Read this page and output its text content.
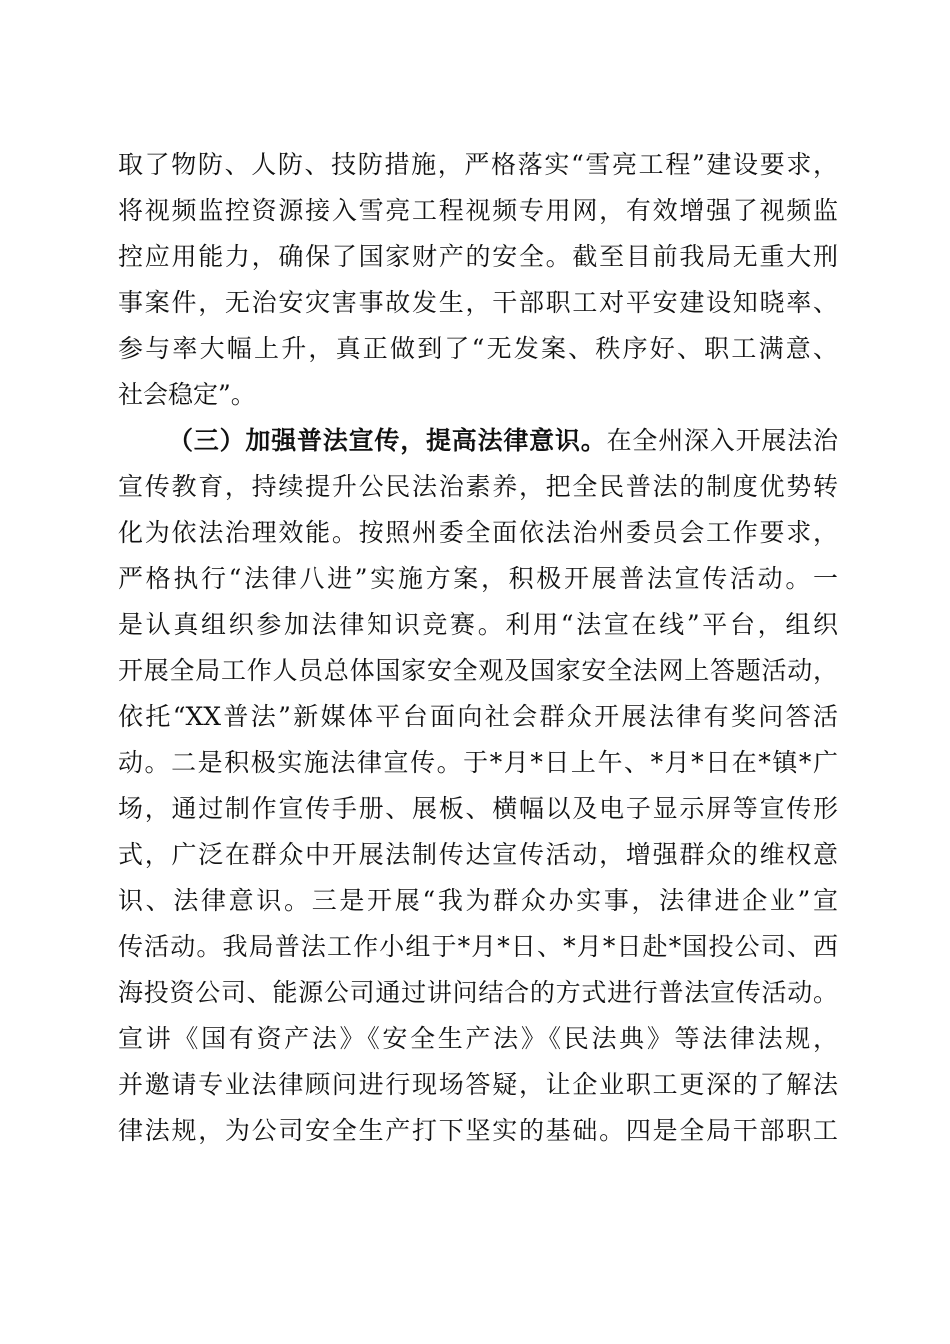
取了物防、人防、技防措施，严格落实“雪亮工程”建设要求，
将视频监控资源接入雪亮工程视频专用网，有效增强了视频监
控应用能力，确保了国家财产的安全。截至目前我局无重大刑
事案件，无治安灾害事故发生，干部职工对平安建设知晓率、
参与率大幅上升，真正做到了“无发案、秩序好、职工满意、
社会稳定”。
（三）加强普法宣传，提高法律意识。在全州深入开展法治
宣传教育，持续提升公民法治素养，把全民普法的制度优势转
化为依法治理效能。按照州委全面依法治州委员会工作要求，
严格执行“法律八进”实施方案，积极开展普法宣传活动。一
是认真组织参加法律知识竞赛。利用“法宣在线”平台，组织
开展全局工作人员总体国家安全观及国家安全法网上答题活动，
依托“XX普法”新媒体平台面向社会群众开展法律有奖问答活
动。二是积极实施法律宣传。于*月*日上午、*月*日在*镇*广
场，通过制作宣传手册、展板、横幅以及电子显示屏等宣传形
式，广泛在群众中开展法制传达宣传活动，增强群众的维权意
识、法律意识。三是开展“我为群众办实事，法律进企业”宣
传活动。我局普法工作小组于*月*日、*月*日赴*国投公司、西
海投资公司、能源公司通过讲问结合的方式进行普法宣传活动。
宣讲《国有资产法》《安全生产法》《民法典》等法律法规，
并邀请专业法律顾问进行现场答疑，让企业职工更深的了解法
律法规，为公司安全生产打下坚实的基础。四是全局干部职工
